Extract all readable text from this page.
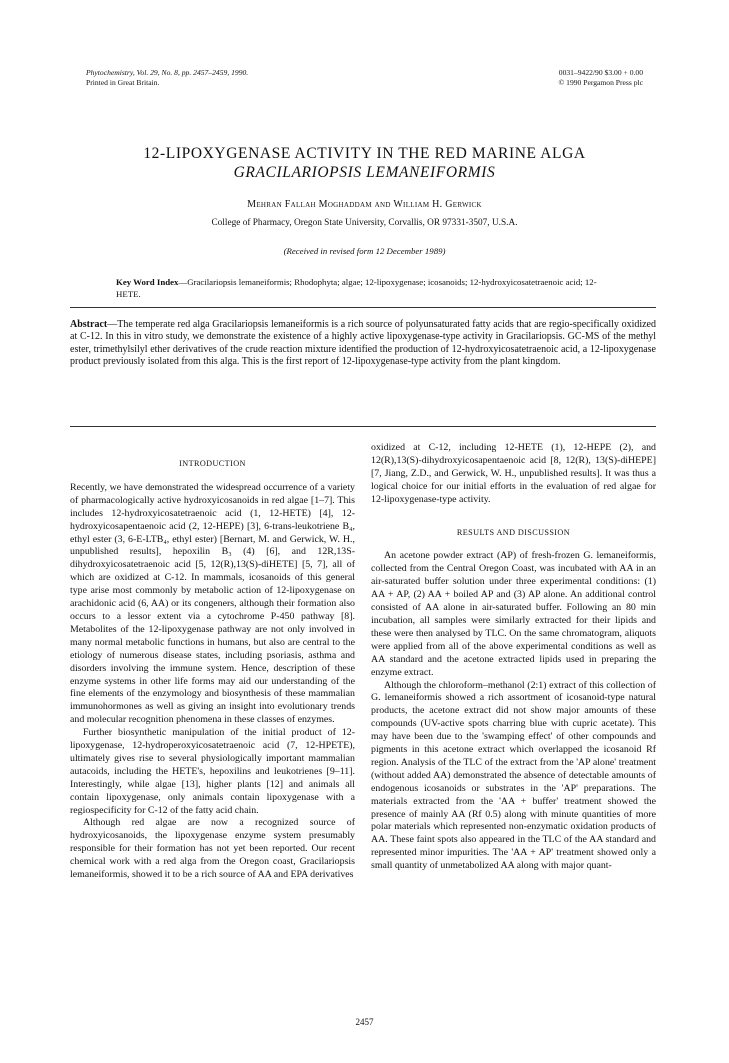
Phytochemistry, Vol. 29, No. 8, pp. 2457–2459, 1990.
Printed in Great Britain.
0031–9422/90 $3.00 + 0.00
© 1990 Pergamon Press plc
12-LIPOXYGENASE ACTIVITY IN THE RED MARINE ALGA
GRACILARIOPSIS LEMANEIFORMIS
Mehran Fallah Moghaddam and William H. Gerwick
College of Pharmacy, Oregon State University, Corvallis, OR 97331-3507, U.S.A.
(Received in revised form 12 December 1989)
Key Word Index—Gracilariopsis lemaneiformis; Rhodophyta; algae; 12-lipoxygenase; icosanoids; 12-hydroxyicosatetraenoic acid; 12-HETE.
Abstract—The temperate red alga Gracilariopsis lemaneiformis is a rich source of polyunsaturated fatty acids that are regio-specifically oxidized at C-12. In this in vitro study, we demonstrate the existence of a highly active lipoxygenase-type activity in Gracilariopsis. GC-MS of the methyl ester, trimethylsilyl ether derivatives of the crude reaction mixture identified the production of 12-hydroxyicosatetraenoic acid, a 12-lipoxygenase product previously isolated from this alga. This is the first report of 12-lipoxygenase-type activity from the plant kingdom.
INTRODUCTION

Recently, we have demonstrated the widespread occurrence of a variety of pharmacologically active hydroxyicosanoids in red algae [1–7]. This includes 12-hydroxyicosatetraenoic acid (1, 12-HETE) [4], 12-hydroxyicosapentaenoic acid (2, 12-HEPE) [3], 6-trans-leukotriene B₄, ethyl ester (3, 6-E-LTB₄, ethyl ester) [Bernart, M. and Gerwick, W. H., unpublished results], hepoxilin B₃ (4) [6], and 12R,13S-dihydroxyicosatetraenoic acid [5, 12(R),13(S)-diHETE] [5, 7], all of which are oxidized at C-12. In mammals, icosanoids of this general type arise most commonly by metabolic action of 12-lipoxygenase on arachidonic acid (6, AA) or its congeners, although their formation also occurs to a lessor extent via a cytochrome P-450 pathway [8]. Metabolites of the 12-lipoxygenase pathway are not only involved in many normal metabolic functions in humans, but also are central to the etiology of numerous disease states, including psoriasis, asthma and disorders involving the immune system. Hence, description of these enzyme systems in other life forms may aid our understanding of the fine elements of the enzymology and biosynthesis of these mammalian immunohormones as well as giving an insight into evolutionary trends and molecular recognition phenomena in these classes of enzymes.

Further biosynthetic manipulation of the initial product of 12-lipoxygenase, 12-hydroperoxyicosatetraenoic acid (7, 12-HPETE), ultimately gives rise to several physiologically important mammalian autacoids, including the HETE's, hepoxilins and leukotrienes [9–11]. Interestingly, while algae [13], higher plants [12] and animals all contain lipoxygenase, only animals contain lipoxygenase with a regiospecificity for C-12 of the fatty acid chain.

Although red algae are now a recognized source of hydroxyicosanoids, the lipoxygenase enzyme system presumably responsible for their formation has not yet been reported. Our recent chemical work with a red alga from the Oregon coast, Gracilariopsis lemaneiformis, showed it to be a rich source of AA and EPA derivatives

oxidized at C-12, including 12-HETE (1), 12-HEPE (2), and 12(R),13(S)-dihydroxyicosapentaenoic acid [8, 12(R), 13(S)-diHEPE] [7, Jiang, Z.D., and Gerwick, W. H., unpublished results]. It was thus a logical choice for our initial efforts in the evaluation of red algae for 12-lipoxygenase-type activity.

RESULTS AND DISCUSSION

An acetone powder extract (AP) of fresh-frozen G. lemaneiformis, collected from the Central Oregon Coast, was incubated with AA in an air-saturated buffer solution under three experimental conditions: (1) AA + AP, (2) AA + boiled AP and (3) AP alone. An additional control consisted of AA alone in air-saturated buffer. Following an 80 min incubation, all samples were similarly extracted for their lipids and these were then analysed by TLC. On the same chromatogram, aliquots were applied from all of the above experimental conditions as well as AA standard and the acetone extracted lipids used in preparing the enzyme extract.

Although the chloroform–methanol (2:1) extract of this collection of G. lemaneiformis showed a rich assortment of icosanoid-type natural products, the acetone extract did not show major amounts of these compounds (UV-active spots charring blue with cupric acetate). This may have been due to the 'swamping effect' of other compounds and pigments in this acetone extract which overlapped the icosanoid Rf region. Analysis of the TLC of the extract from the 'AP alone' treatment (without added AA) demonstrated the absence of detectable amounts of endogenous icosanoids or substrates in the 'AP' preparations. The materials extracted from the 'AA + buffer' treatment showed the presence of mainly AA (Rf 0.5) along with minute quantities of more polar materials which represented non-enzymatic oxidation products of AA. These faint spots also appeared in the TLC of the AA standard and represented minor impurities. The 'AA + AP' treatment showed only a small quantity of unmetabolized AA along with major quant-

2457
